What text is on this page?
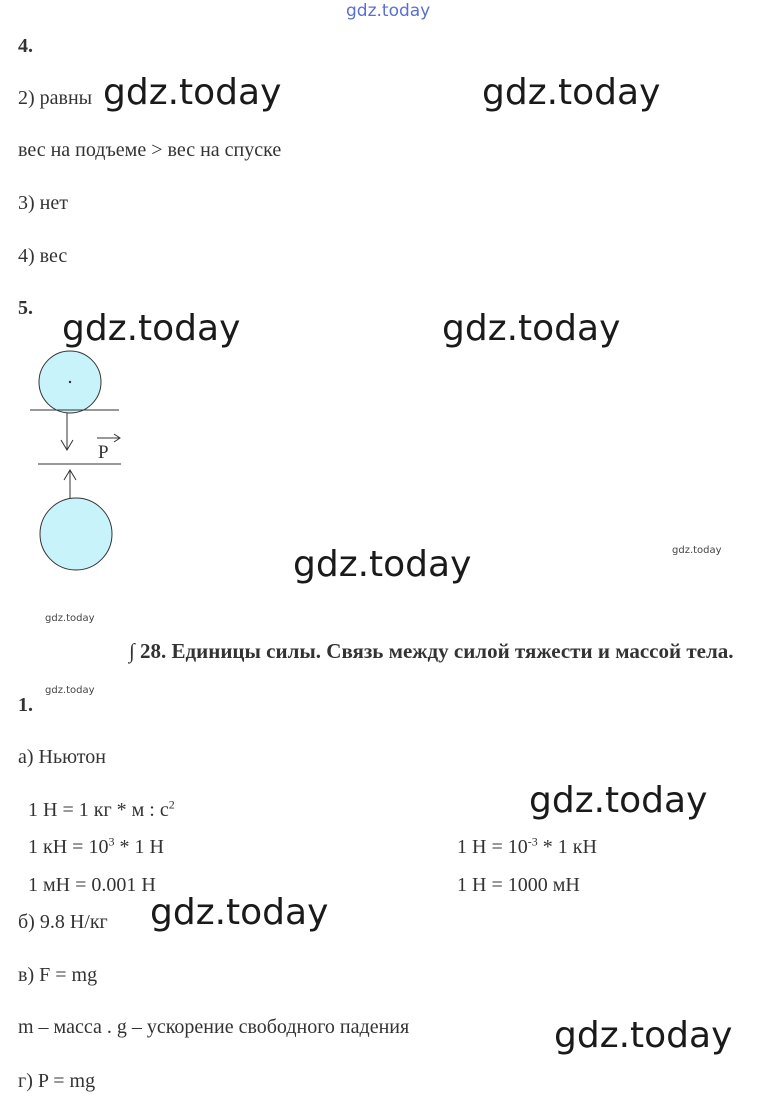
gdz.today
gdz.today	gdz.today
gdz.today	gdz.today
gdz.today	gdz.today
gdz.today
gdz.today
gdz.today
gdz.today
gdz.today
4.
2) равны
вес на подъеме > вес на спуске
3) нет
4) вес
5.
P
∫ 28. Единицы силы. Связь между силой тяжести и массой тела.
1.
а) Ньютон
1 Н = 1 кг * м : $с^2$
1 кН = $10^3 * 1$ Н	1 $Н = 10^{-3} * 1$ кН
1 мН = 0.001 Н	1 Н = 1000 мН
б) 9.8 Н/кг
в) F = mg
m – масса . g – ускорение свободного падения
г) P = mg
